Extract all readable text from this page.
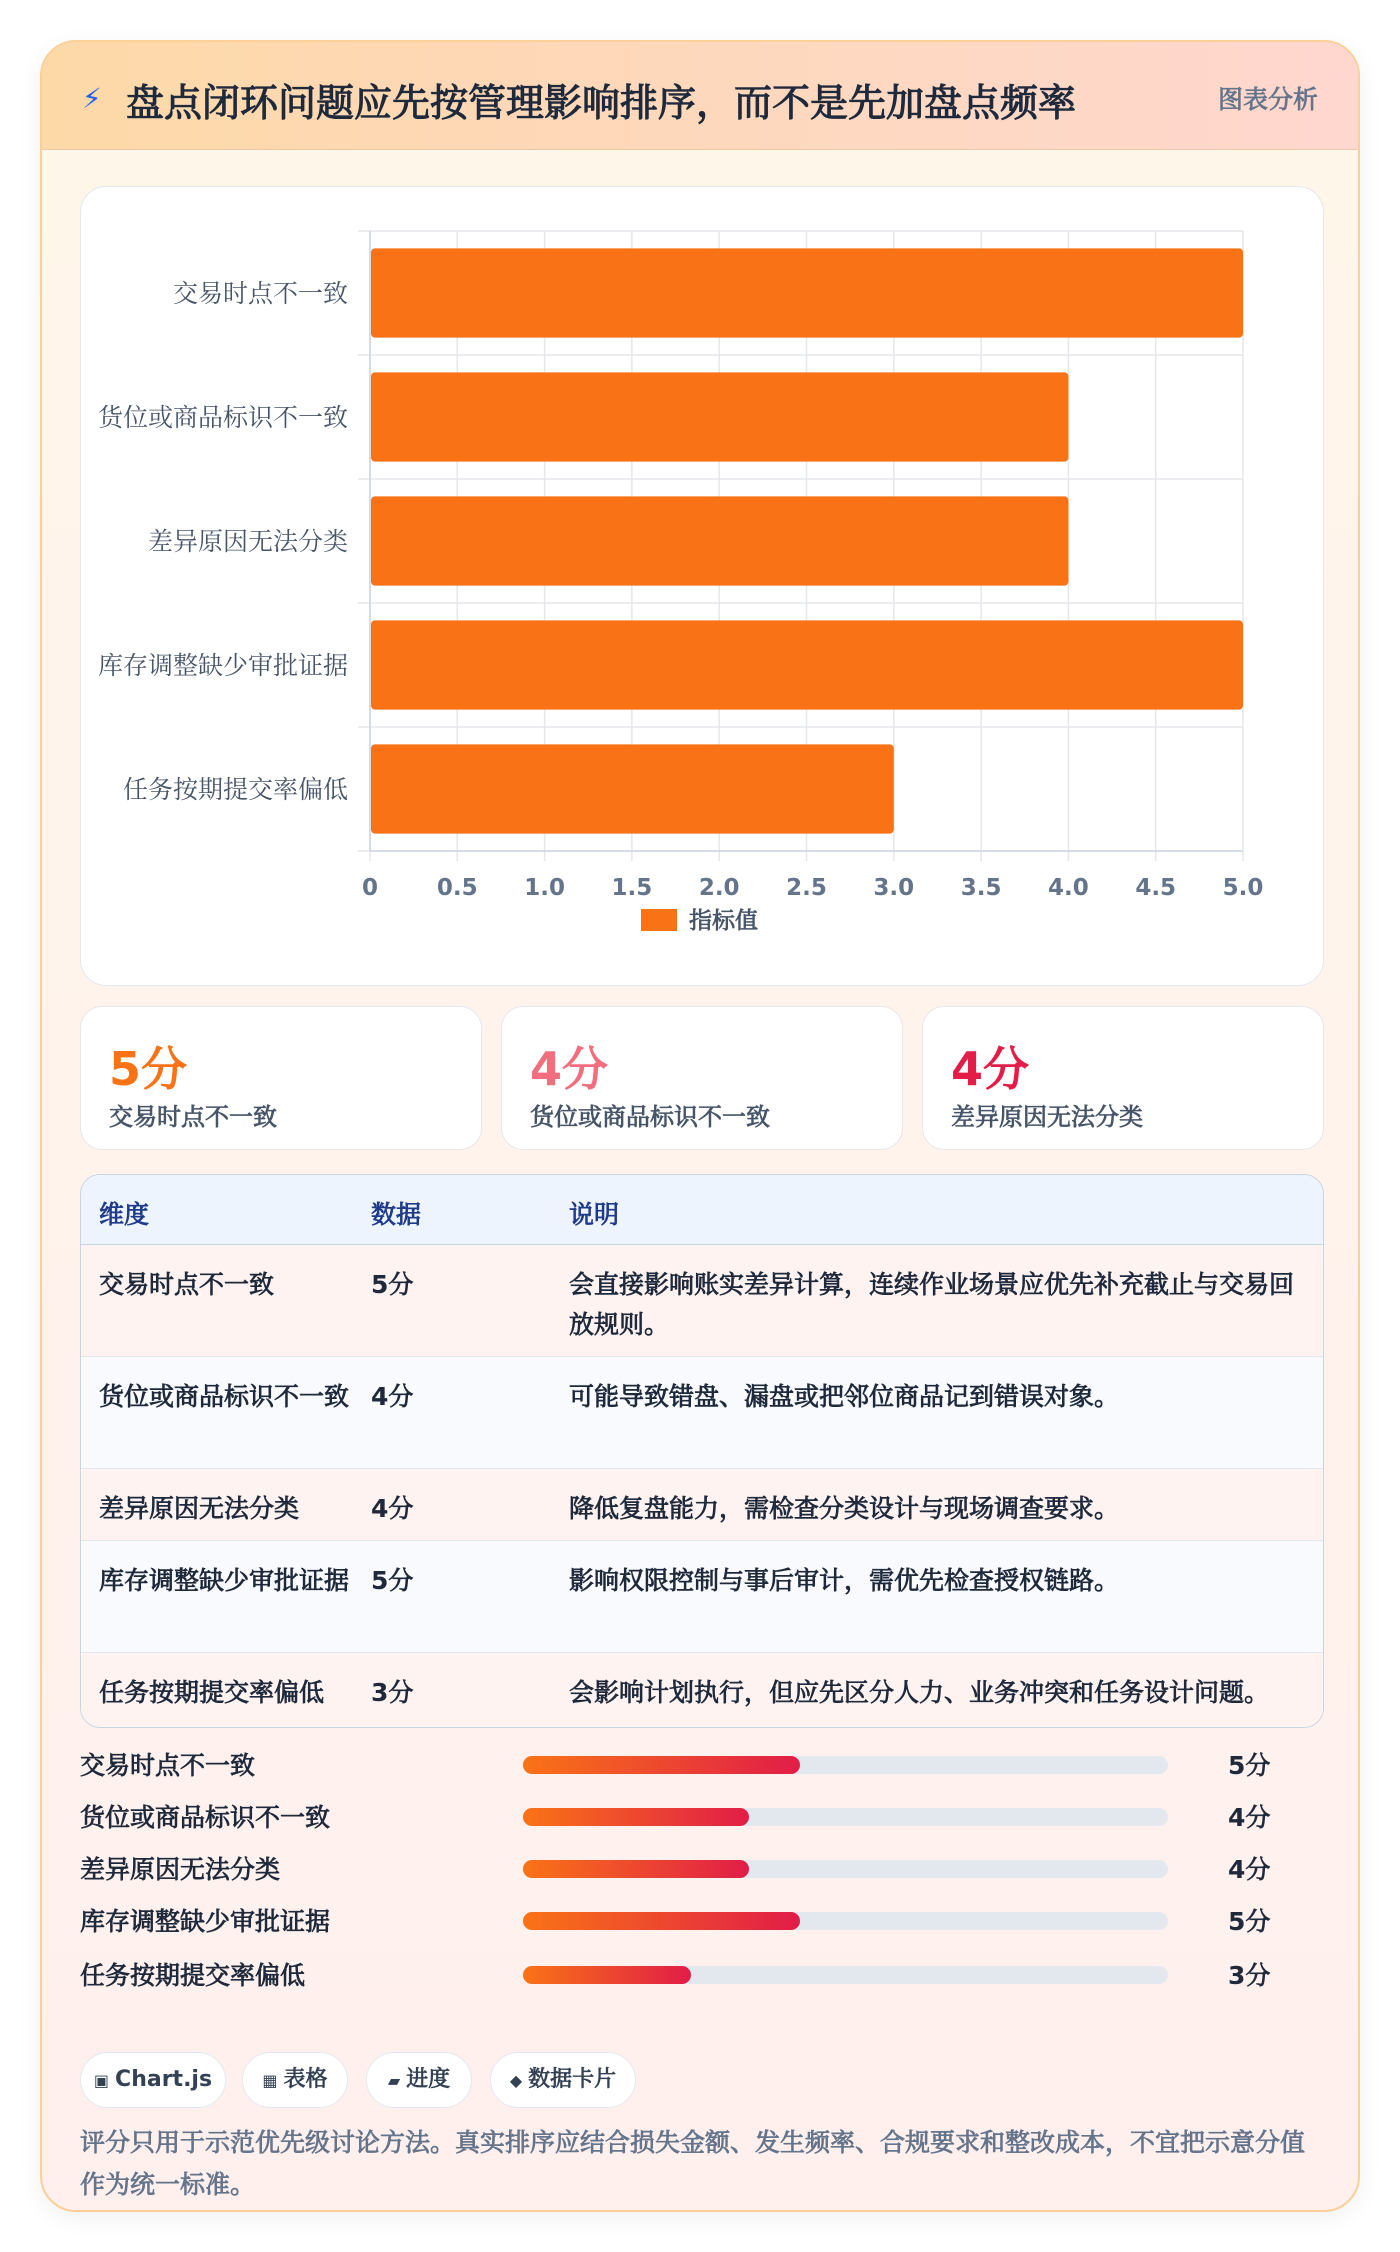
⚡ 盘点闭环问题应先按管理影响排序，而不是先加盘点频率	图表分析
0	0.5 1.0 1.5 2.0 2.5 3.0 3.5 4.0 4.5 5.0
交易时点不一致
货位或商品标识不一致
差异原因无法分类
库存调整缺少审批证据
任务按期提交率偏低
指标值
5分
交易时点不一致
4分
货位或商品标识不一致
4分
差异原因无法分类
维度	数据	说明
交易时点不一致	5分	会直接影响账实差异计算，连续作业场景应优先补充截止与交易回放规则。
货位或商品标识不一致 4分	可能导致错盘、漏盘或把邻位商品记到错误对象。
差异原因无法分类	4分	降低复盘能力，需检查分类设计与现场调查要求。
库存调整缺少审批证据 5分	影响权限控制与事后审计，需优先检查授权链路。
任务按期提交率偏低	3分	会影响计划执行，但应先区分人力、业务冲突和任务设计问题。
交易时点不一致	5分
货位或商品标识不一致	4分
差异原因无法分类	4分
库存调整缺少审批证据	5分
任务按期提交率偏低	3分
▣ Chart.js	▦ 表格	▰ 进度	◆ 数据卡片
评分只用于示范优先级讨论方法。真实排序应结合损失金额、发生频率、合规要求和整改成本，不宜把示意分值作为统一标准。
